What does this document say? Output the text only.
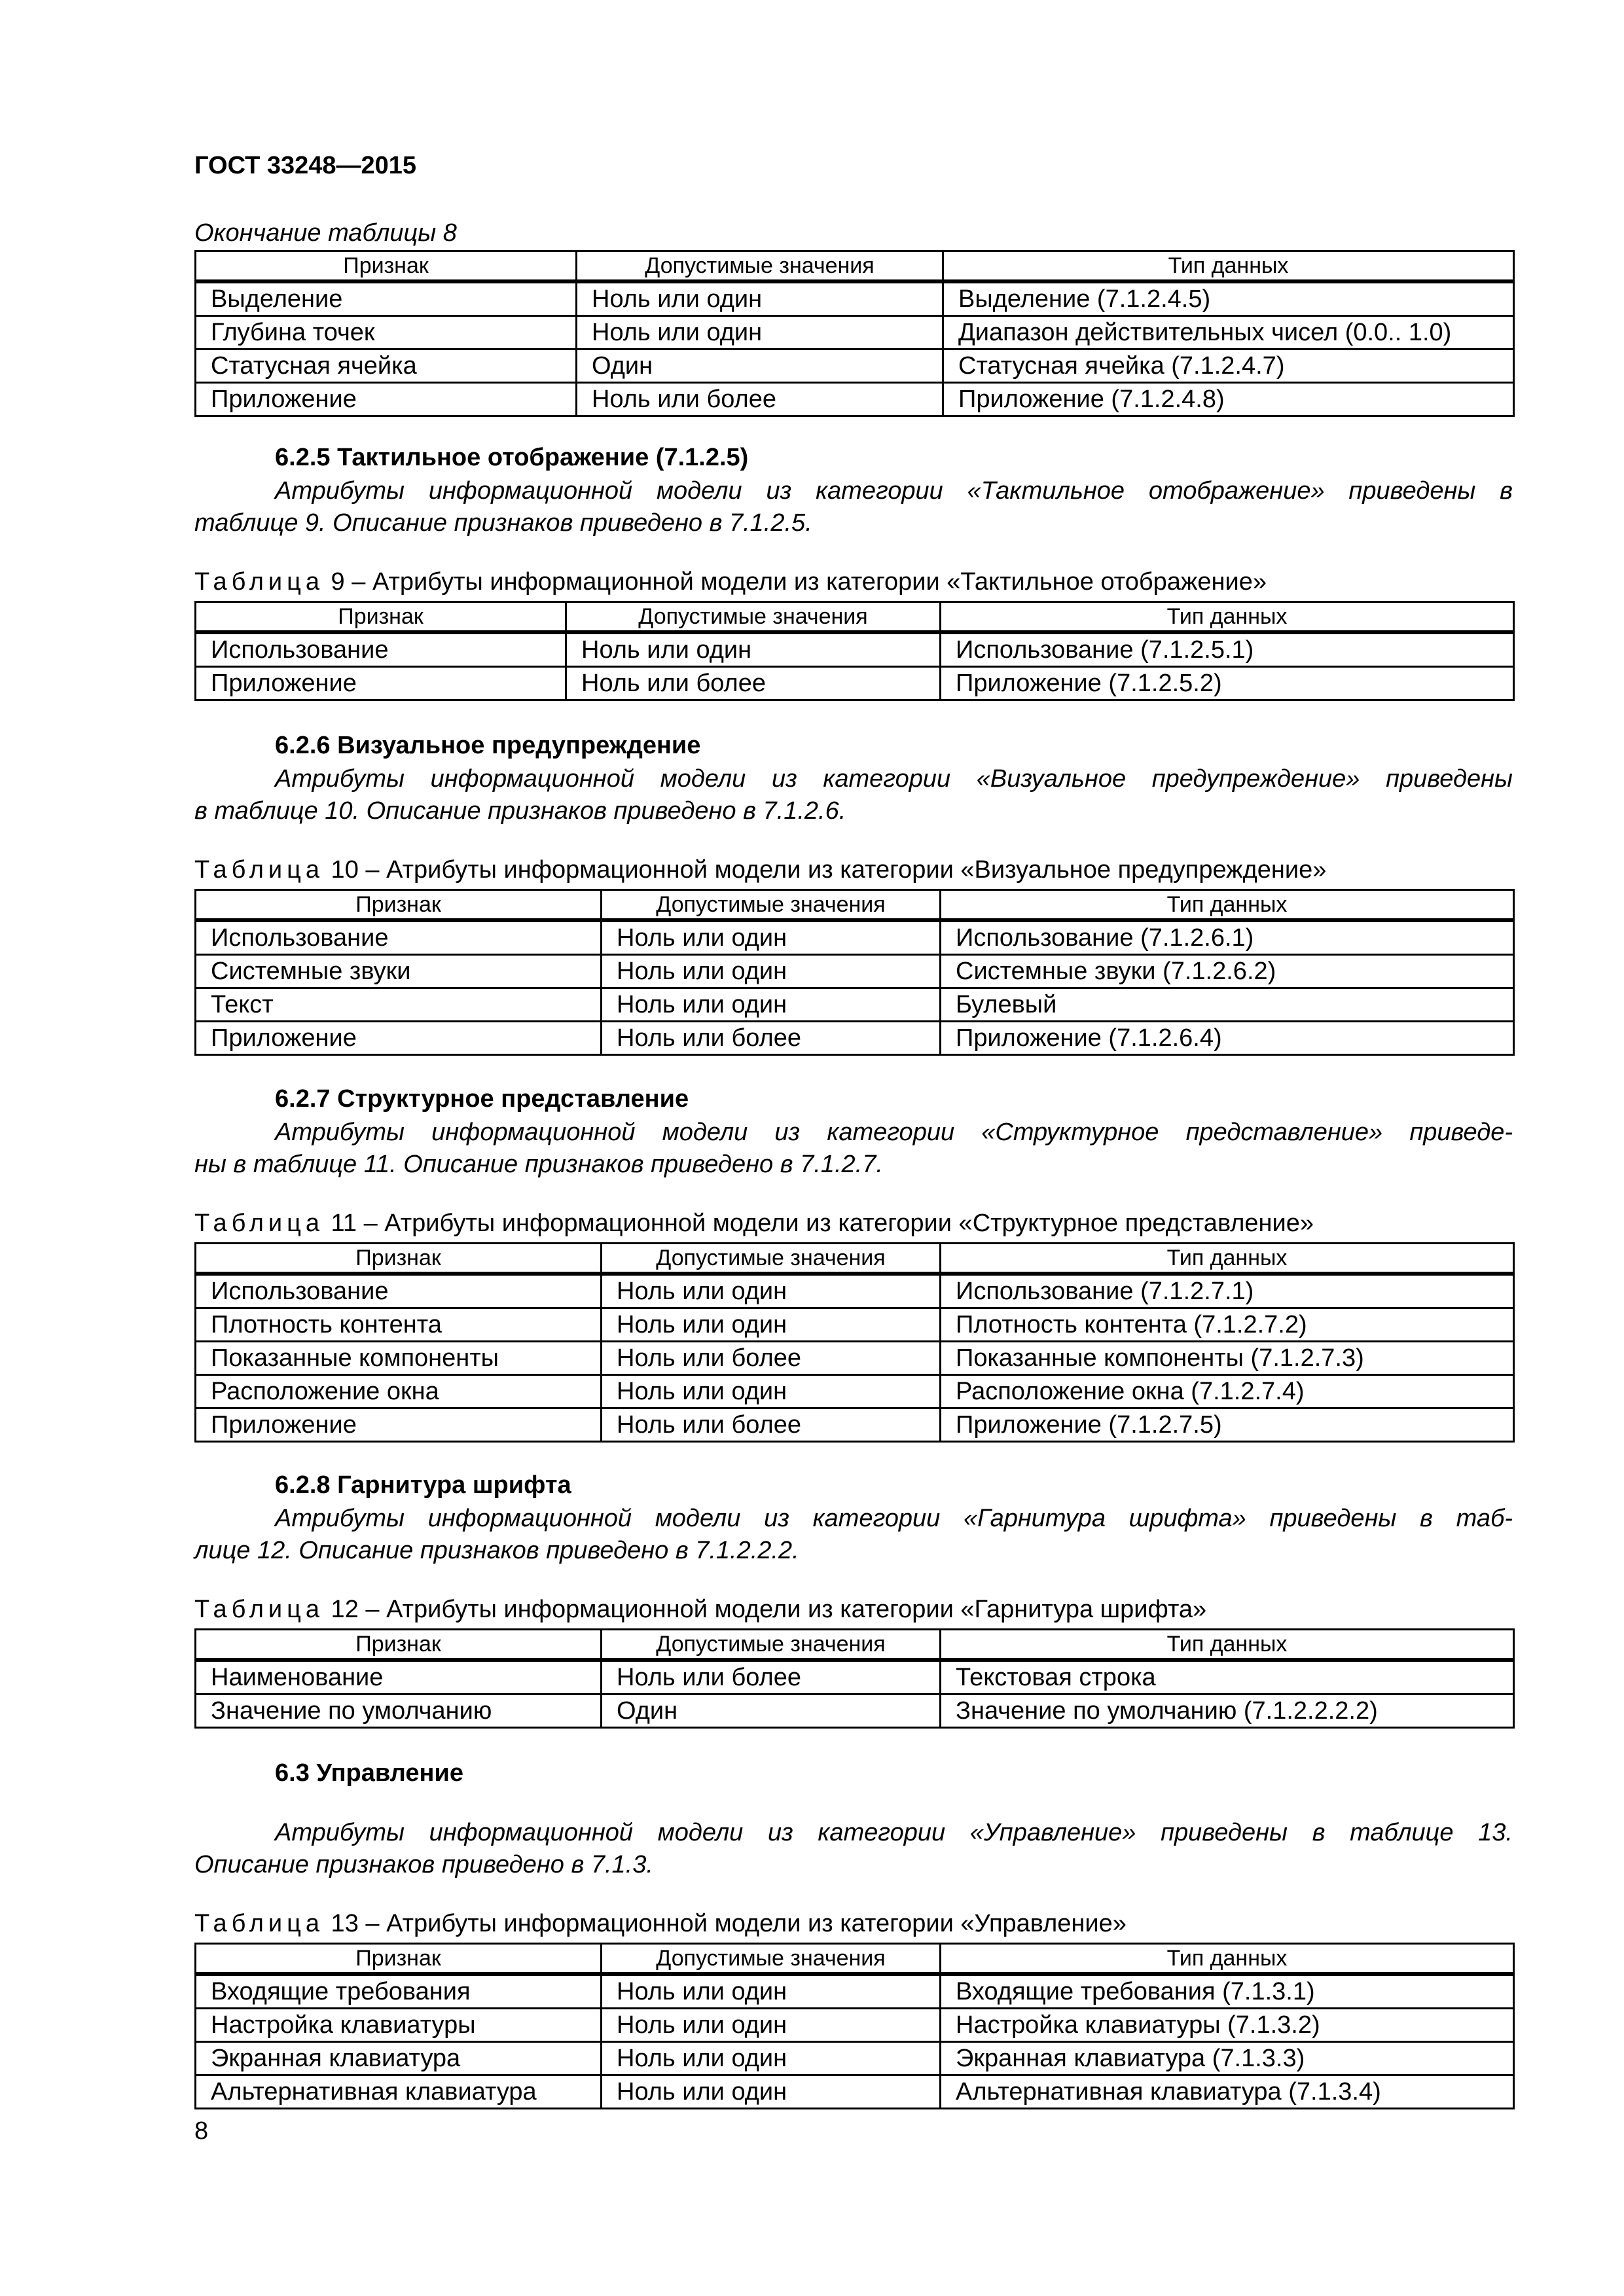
ГОСТ 33248—2015
Окончание таблицы 8
Признак	Допустимые значения	Тип данных
Выделение	Ноль или один	Выделение (7.1.2.4.5)
Глубина точек	Ноль или один	Диапазон действительных чисел (0.0.. 1.0)
Статусная ячейка	Один	Статусная ячейка (7.1.2.4.7)
Приложение	Ноль или более	Приложение (7.1.2.4.8)
6.2.5 Тактильное отображение (7.1.2.5)
Атрибуты информационной модели из категории «Тактильное отображение» приведены в
таблице 9. Описание признаков приведено в 7.1.2.5.
Таблица 9 – Атрибуты информационной модели из категории «Тактильное отображение»
Признак	Допустимые значения	Тип данных
Использование	Ноль или один	Использование (7.1.2.5.1)
Приложение	Ноль или более	Приложение (7.1.2.5.2)
6.2.6 Визуальное предупреждение
Атрибуты информационной модели из категории «Визуальное предупреждение» приведены
в таблице 10. Описание признаков приведено в 7.1.2.6.
Таблица 10 – Атрибуты информационной модели из категории «Визуальное предупреждение»
Признак	Допустимые значения	Тип данных
Использование	Ноль или один	Использование (7.1.2.6.1)
Системные звуки	Ноль или один	Системные звуки (7.1.2.6.2)
Текст	Ноль или один	Булевый
Приложение	Ноль или более	Приложение (7.1.2.6.4)
6.2.7 Структурное представление
Атрибуты информационной модели из категории «Структурное представление» приведе-
ны в таблице 11. Описание признаков приведено в 7.1.2.7.
Таблица 11 – Атрибуты информационной модели из категории «Структурное представление»
Признак	Допустимые значения	Тип данных
Использование	Ноль или один	Использование (7.1.2.7.1)
Плотность контента	Ноль или один	Плотность контента (7.1.2.7.2)
Показанные компоненты	Ноль или более	Показанные компоненты (7.1.2.7.3)
Расположение окна	Ноль или один	Расположение окна (7.1.2.7.4)
Приложение	Ноль или более	Приложение (7.1.2.7.5)
6.2.8 Гарнитура шрифта
Атрибуты информационной модели из категории «Гарнитура шрифта» приведены в таб-
лице 12. Описание признаков приведено в 7.1.2.2.2.
Таблица 12 – Атрибуты информационной модели из категории «Гарнитура шрифта»
Признак	Допустимые значения	Тип данных
Наименование	Ноль или более	Текстовая строка
Значение по умолчанию	Один	Значение по умолчанию (7.1.2.2.2.2)
6.3 Управление
Атрибуты информационной модели из категории «Управление» приведены в таблице 13.
Описание признаков приведено в 7.1.3.
Таблица 13 – Атрибуты информационной модели из категории «Управление»
Признак	Допустимые значения	Тип данных
Входящие требования	Ноль или один	Входящие требования (7.1.3.1)
Настройка клавиатуры	Ноль или один	Настройка клавиатуры (7.1.3.2)
Экранная клавиатура	Ноль или один	Экранная клавиатура (7.1.3.3)
Альтернативная клавиатура	Ноль или один	Альтернативная клавиатура (7.1.3.4)
8
